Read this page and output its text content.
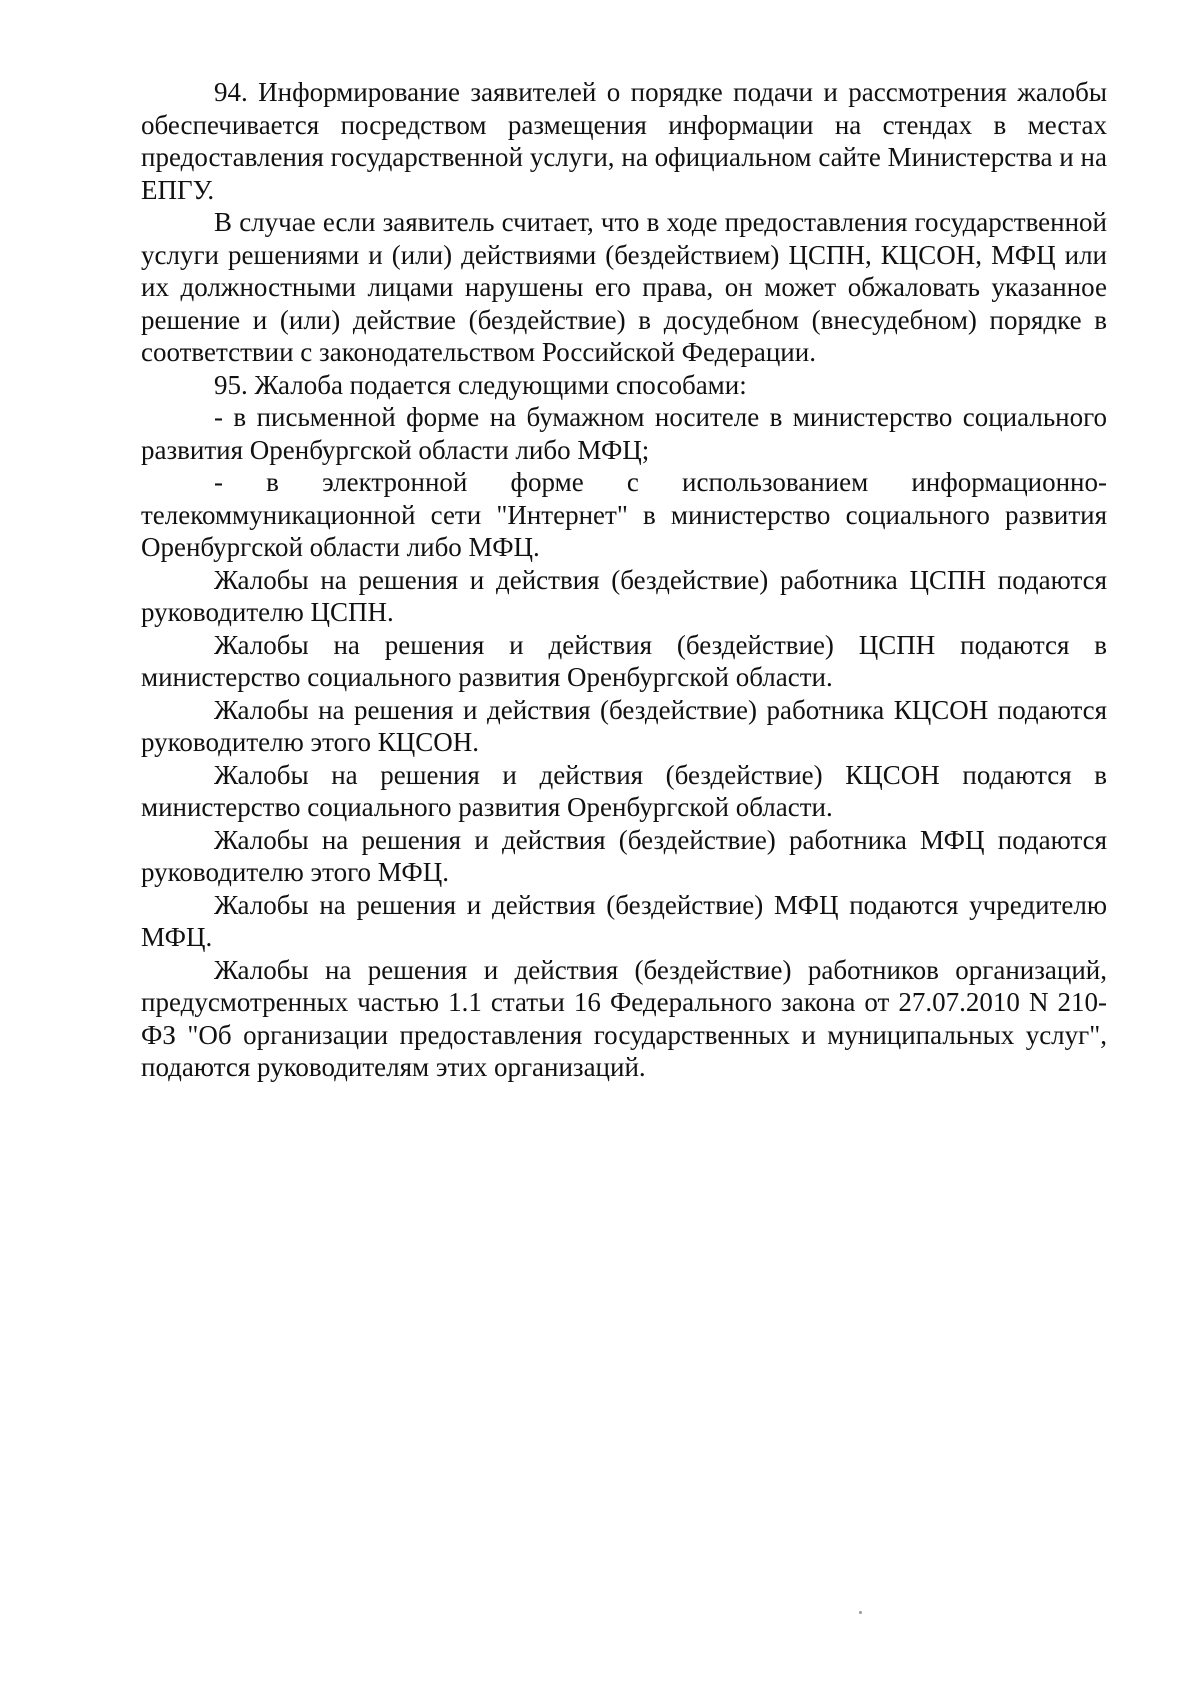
94. Информирование заявителей о порядке подачи и рассмотрения жалобы обеспечивается посредством размещения информации на стендах в местах предоставления государственной услуги, на официальном сайте Министерства и на ЕПГУ.

В случае если заявитель считает, что в ходе предоставления государственной услуги решениями и (или) действиями (бездействием) ЦСПН, КЦСОН, МФЦ или их должностными лицами нарушены его права, он может обжаловать указанное решение и (или) действие (бездействие) в досудебном (внесудебном) порядке в соответствии с законодательством Российской Федерации.

95. Жалоба подается следующими способами:

- в письменной форме на бумажном носителе в министерство социального развития Оренбургской области либо МФЦ;

- в электронной форме с использованием информационно-телекоммуникационной сети "Интернет" в министерство социального развития Оренбургской области либо МФЦ.

Жалобы на решения и действия (бездействие) работника ЦСПН подаются руководителю ЦСПН.

Жалобы на решения и действия (бездействие) ЦСПН подаются в министерство социального развития Оренбургской области.

Жалобы на решения и действия (бездействие) работника КЦСОН подаются руководителю этого КЦСОН.

Жалобы на решения и действия (бездействие) КЦСОН подаются в министерство социального развития Оренбургской области.

Жалобы на решения и действия (бездействие) работника МФЦ подаются руководителю этого МФЦ.

Жалобы на решения и действия (бездействие) МФЦ подаются учредителю МФЦ.

Жалобы на решения и действия (бездействие) работников организаций, предусмотренных частью 1.1 статьи 16 Федерального закона от 27.07.2010 N 210-ФЗ "Об организации предоставления государственных и муниципальных услуг", подаются руководителям этих организаций.
